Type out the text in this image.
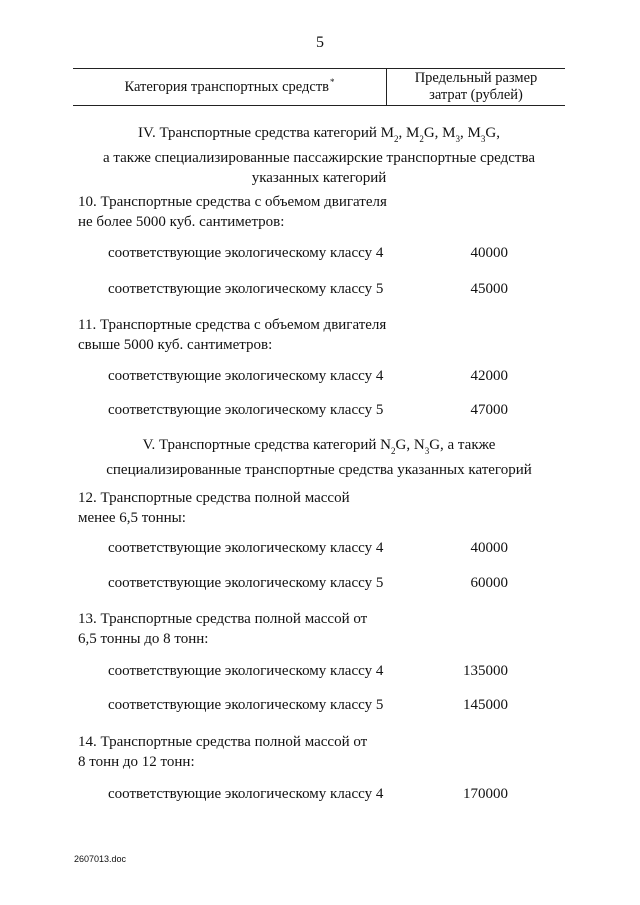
5
Категория транспортных средств*	Предельный размер
затрат (рублей)
IV. Транспортные средства категорий $M_2$, $M_2G$, $M_3$, $M_3G$,
а также специализированные пассажирские транспортные средства
указанных категорий
10. Транспортные средства с объемом двигателя
не более 5000 куб. сантиметров:
соответствующие экологическому классу 4	40000
соответствующие экологическому классу 5	45000
11. Транспортные средства с объемом двигателя
свыше 5000 куб. сантиметров:
соответствующие экологическому классу 4	42000
соответствующие экологическому классу 5	47000
V. Транспортные средства категорий $N_2G$, $N_3G$, а также
специализированные транспортные средства указанных категорий
12. Транспортные средства полной массой
менее 6,5 тонны:
соответствующие экологическому классу 4	40000
соответствующие экологическому классу 5	60000
13. Транспортные средства полной массой от
6,5 тонны до 8 тонн:
соответствующие экологическому классу 4	135000
соответствующие экологическому классу 5	145000
14. Транспортные средства полной массой от
8 тонн до 12 тонн:
соответствующие экологическому классу 4	170000
2607013.doc
